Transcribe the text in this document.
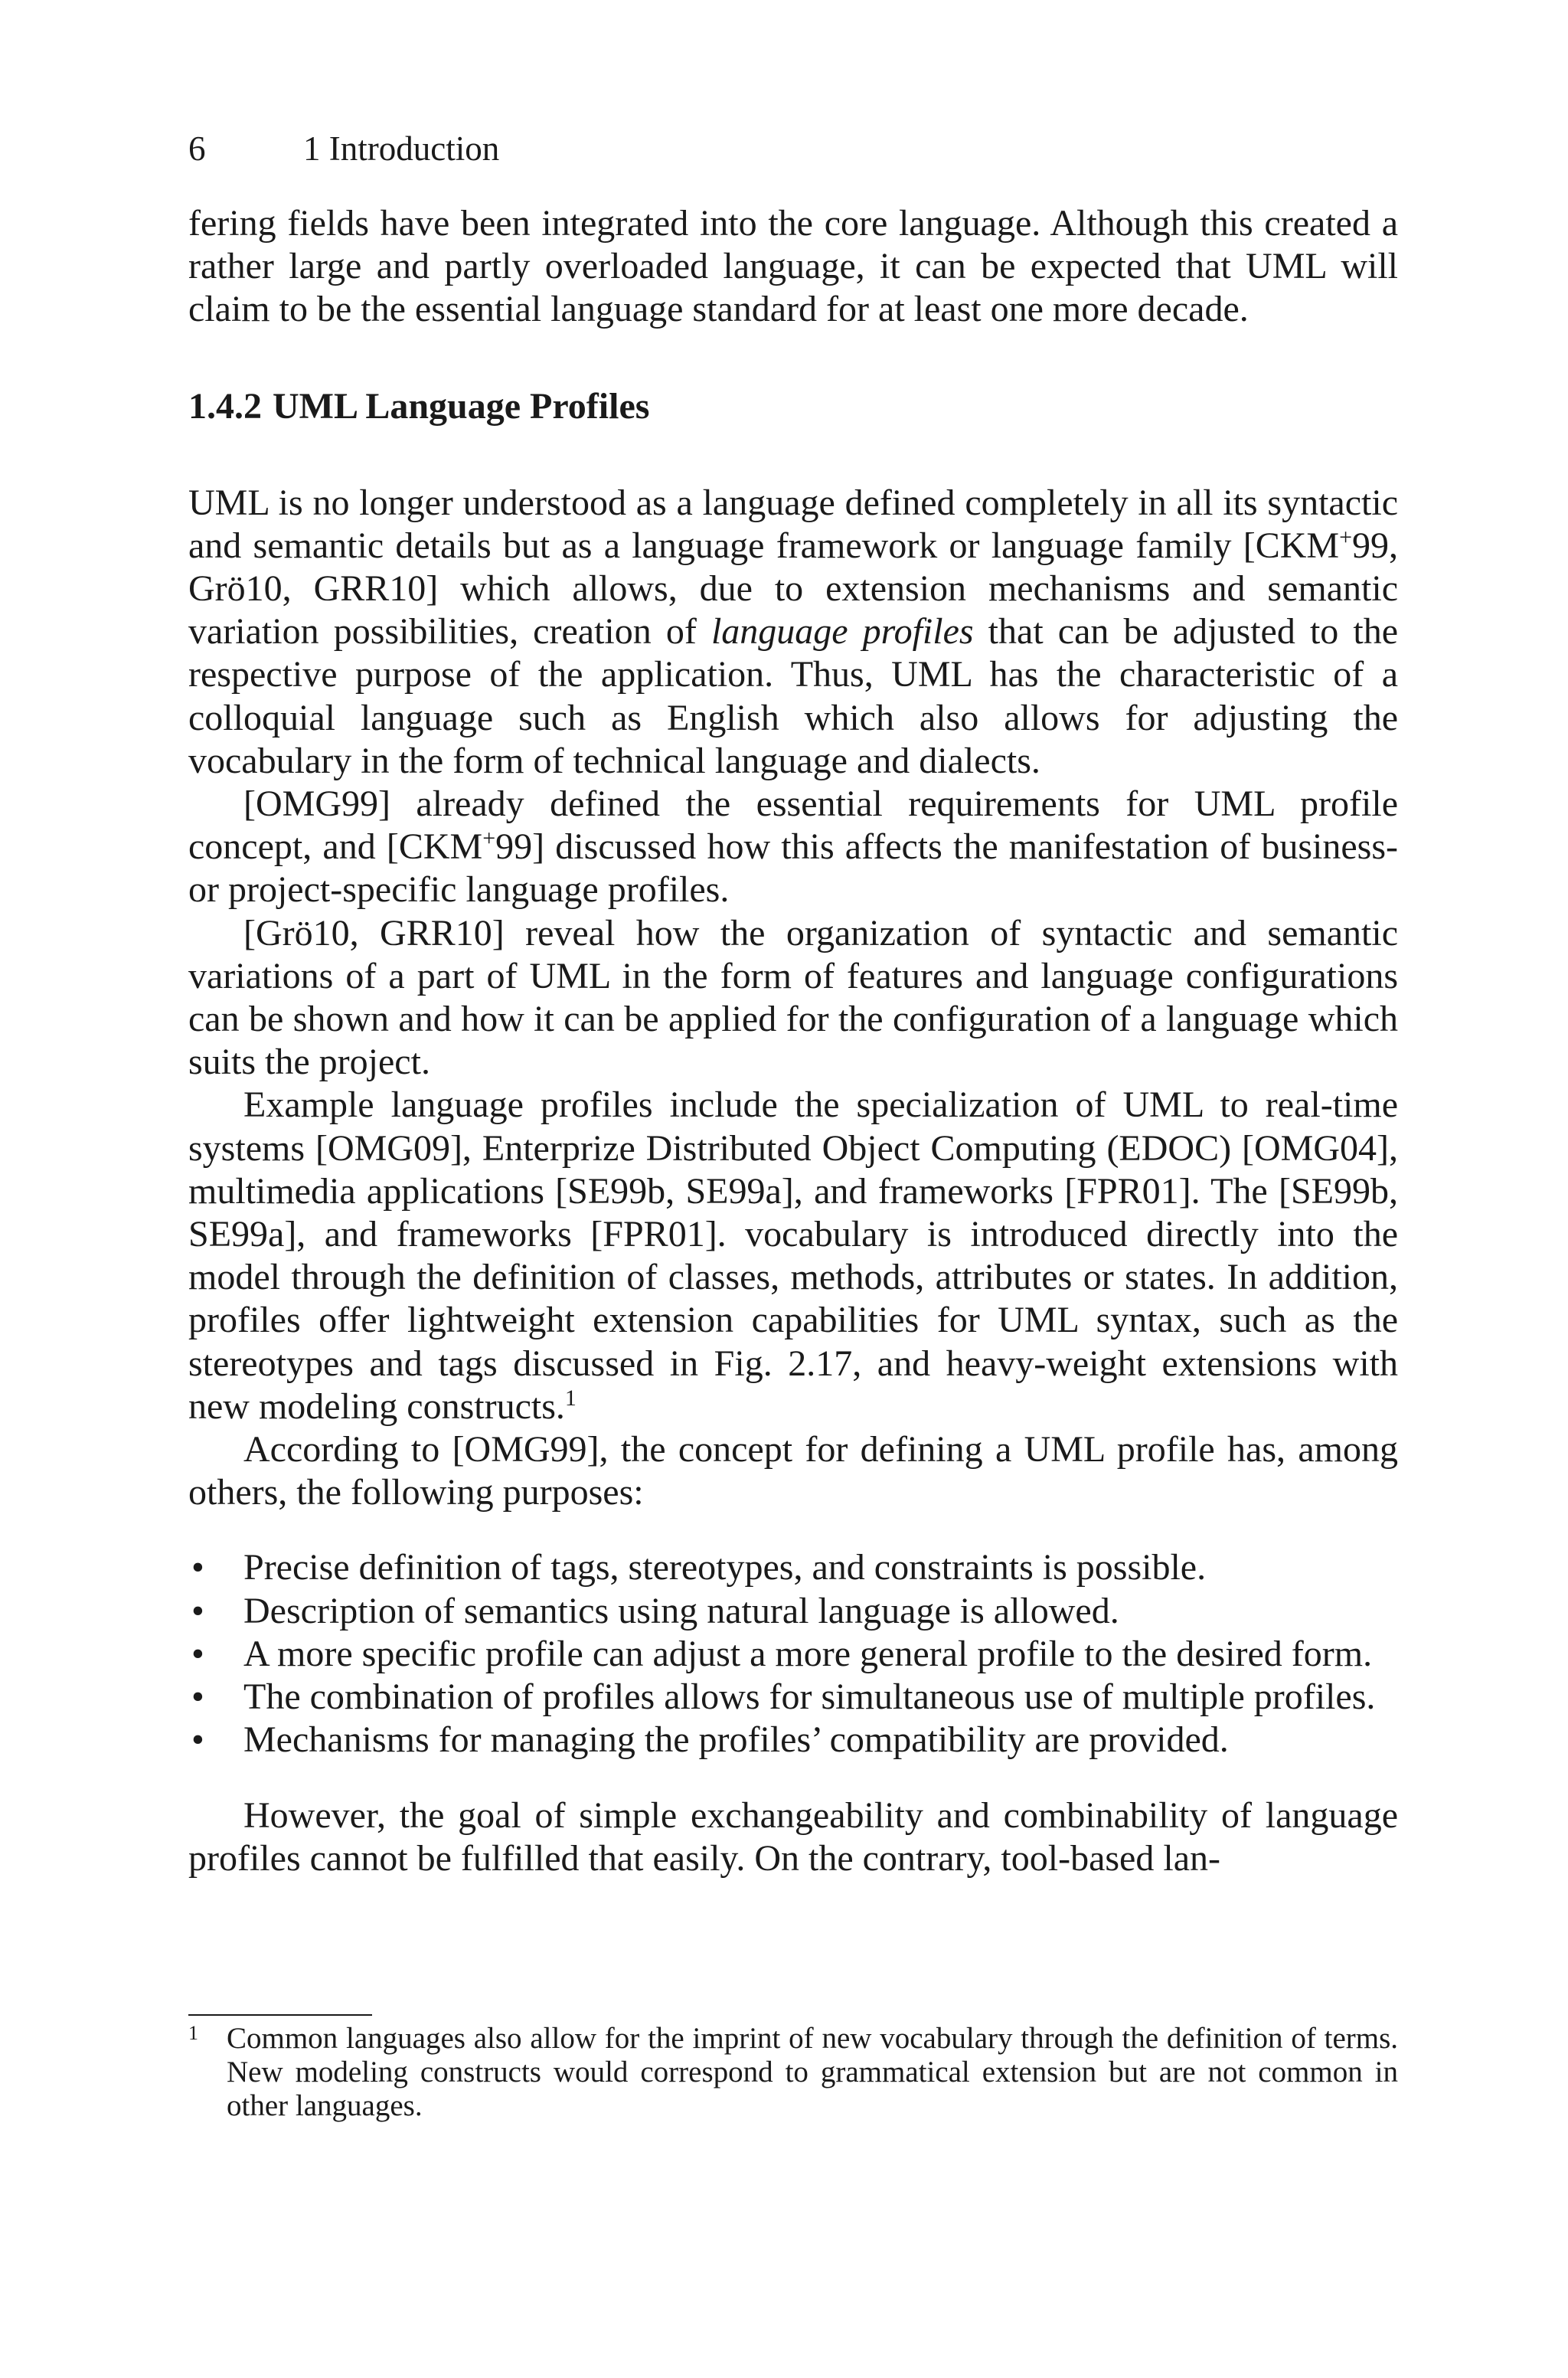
6	1 Introduction

fering fields have been integrated into the core language. Although this created a rather large and partly overloaded language, it can be expected that UML will claim to be the essential language standard for at least one more decade.

1.4.2 UML Language Profiles

UML is no longer understood as a language defined completely in all its syntactic and semantic details but as a language framework or language family [CKM+99, Grö10, GRR10] which allows, due to extension mechanisms and semantic variation possibilities, creation of language profiles that can be adjusted to the respective purpose of the application. Thus, UML has the characteristic of a colloquial language such as English which also allows for adjusting the vocabulary in the form of technical language and dialects.

[OMG99] already defined the essential requirements for UML profile concept, and [CKM+99] discussed how this affects the manifestation of business- or project-specific language profiles.

[Grö10, GRR10] reveal how the organization of syntactic and semantic variations of a part of UML in the form of features and language configurations can be shown and how it can be applied for the configuration of a language which suits the project.

Example language profiles include the specialization of UML to real-time systems [OMG09], Enterprize Distributed Object Computing (EDOC) [OMG04], multimedia applications [SE99b, SE99a], and frameworks [FPR01]. The [SE99b, SE99a], and frameworks [FPR01]. vocabulary is introduced directly into the model through the definition of classes, methods, attributes or states. In addition, profiles offer lightweight extension capabilities for UML syntax, such as the stereotypes and tags discussed in Fig. 2.17, and heavy-weight extensions with new modeling constructs.$^1$

According to [OMG99], the concept for defining a UML profile has, among others, the following purposes:

• Precise definition of tags, stereotypes, and constraints is possible.
• Description of semantics using natural language is allowed.
• A more specific profile can adjust a more general profile to the desired form.
• The combination of profiles allows for simultaneous use of multiple profiles.
• Mechanisms for managing the profiles’ compatibility are provided.

However, the goal of simple exchangeability and combinability of language profiles cannot be fulfilled that easily. On the contrary, tool-based lan-

1 Common languages also allow for the imprint of new vocabulary through the definition of terms. New modeling constructs would correspond to grammatical extension but are not common in other languages.
